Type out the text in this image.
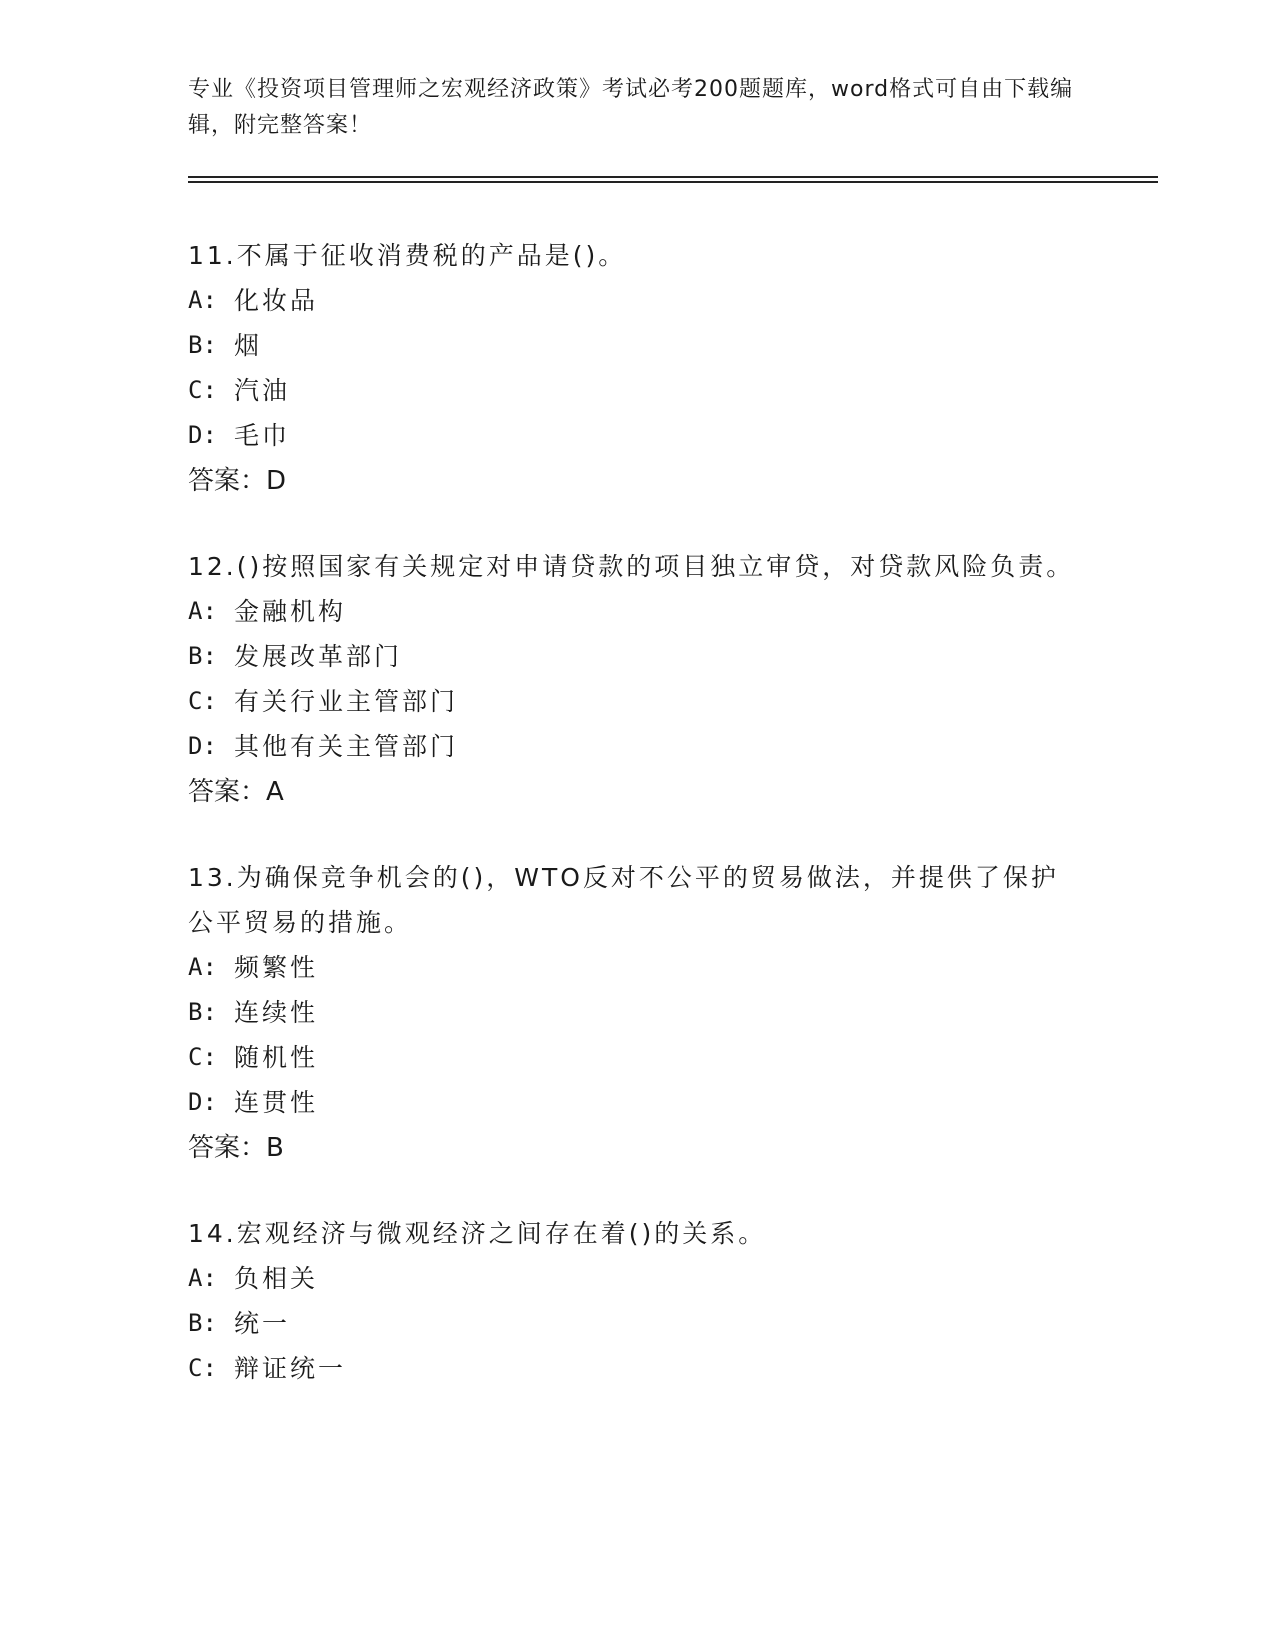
专业《投资项目管理师之宏观经济政策》考试必考200题题库，word格式可自由下载编辑，附完整答案！

11.不属于征收消费税的产品是()。

A: 化妆品
B: 烟
C: 汽油
D: 毛巾

答案：D

12.()按照国家有关规定对申请贷款的项目独立审贷，对贷款风险负责。

A: 金融机构
B: 发展改革部门
C: 有关行业主管部门
D: 其他有关主管部门

答案：A

13.为确保竞争机会的()，WTO反对不公平的贸易做法，并提供了保护公平贸易的措施。

A: 频繁性
B: 连续性
C: 随机性
D: 连贯性

答案：B

14.宏观经济与微观经济之间存在着()的关系。

A: 负相关
B: 统一
C: 辩证统一
